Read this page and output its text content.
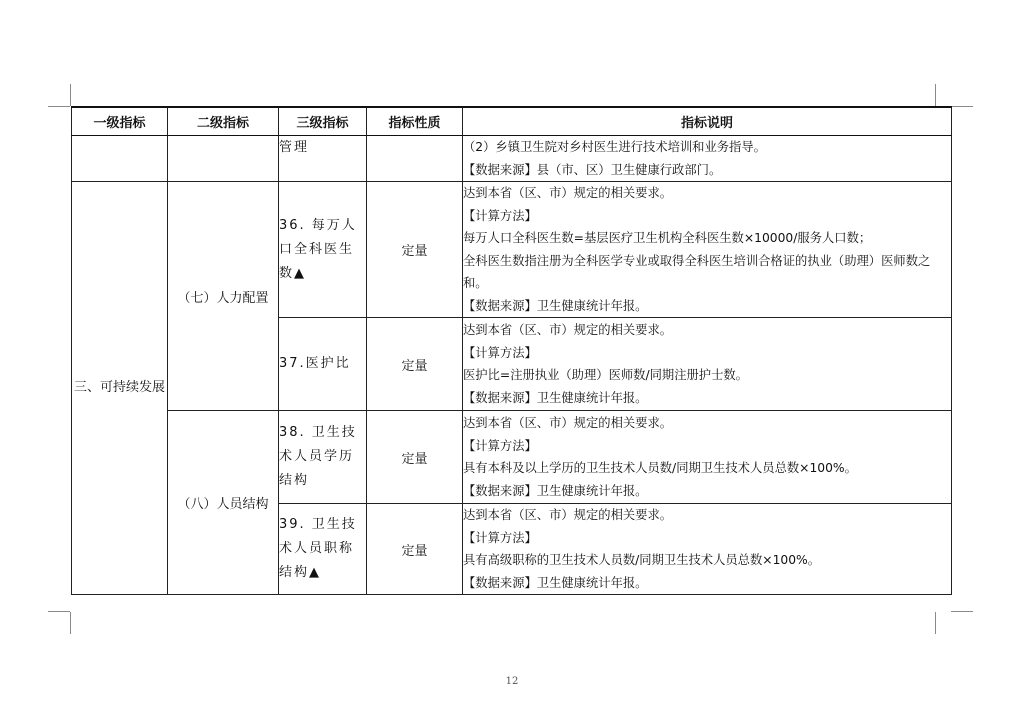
一级指标	二级指标	三级指标	指标性质	指标说明
		管理		（2）乡镇卫生院对乡村医生进行技术培训和业务指导。
【数据来源】县（市、区）卫生健康行政部门。

三、可持续发展	（七）人力配置	36. 每万人口全科医生数▲	定量	达到本省（区、市）规定的相关要求。
【计算方法】
每万人口全科医生数=基层医疗卫生机构全科医生数×10000/服务人口数；
全科医生数指注册为全科医学专业或取得全科医生培训合格证的执业（助理）医师数之和。
【数据来源】卫生健康统计年报。

		37.医护比	定量	达到本省（区、市）规定的相关要求。
【计算方法】
医护比=注册执业（助理）医师数/同期注册护士数。
【数据来源】卫生健康统计年报。

	（八）人员结构	38. 卫生技术人员学历结构	定量	达到本省（区、市）规定的相关要求。
【计算方法】
具有本科及以上学历的卫生技术人员数/同期卫生技术人员总数×100%。
【数据来源】卫生健康统计年报。

		39. 卫生技术人员职称结构▲	定量	达到本省（区、市）规定的相关要求。
【计算方法】
具有高级职称的卫生技术人员数/同期卫生技术人员总数×100%。
【数据来源】卫生健康统计年报。
12
